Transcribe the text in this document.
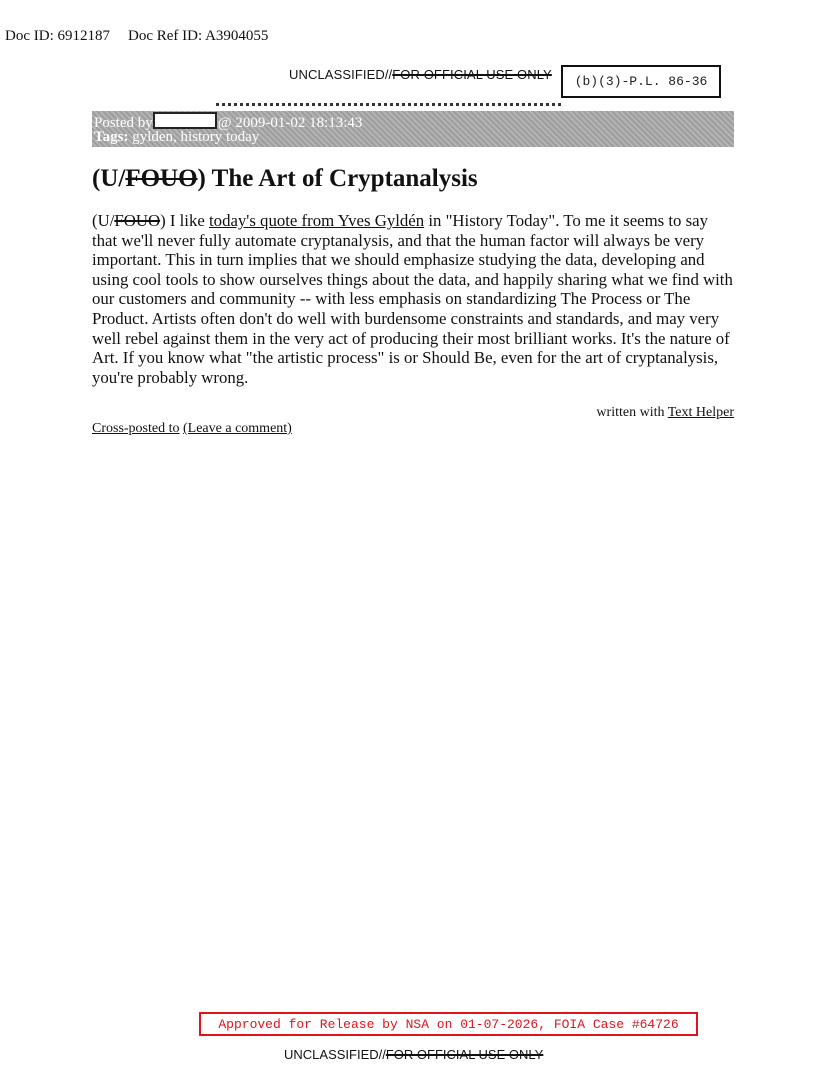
Doc ID: 6912187 Doc Ref ID: A3904055
UNCLASSIFIED//FOR OFFICIAL USE ONLY	(b)(3)-P.L. 86-36
Posted by	@ 2009-01-02 18:13:43
Tags: gylden, history today
(U/FOUO) The Art of Cryptanalysis

(U/FOUO) I like today's quote from Yves Gyldén in "History Today". To me it seems to say that we'll never fully automate cryptanalysis, and that the human factor will always be very important. This in turn implies that we should emphasize studying the data, developing and using cool tools to show ourselves things about the data, and happily sharing what we find with our customers and community -- with less emphasis on standardizing The Process or The Product. Artists often don't do well with burdensome constraints and standards, and may very well rebel against them in the very act of producing their most brilliant works. It's the nature of Art. If you know what "the artistic process" is or Should Be, even for the art of cryptanalysis, you're probably wrong.

written with Text Helper
Cross-posted to (Leave a comment)
Approved for Release by NSA on 01-07-2026, FOIA Case #64726
UNCLASSIFIED//FOR OFFICIAL USE ONLY
